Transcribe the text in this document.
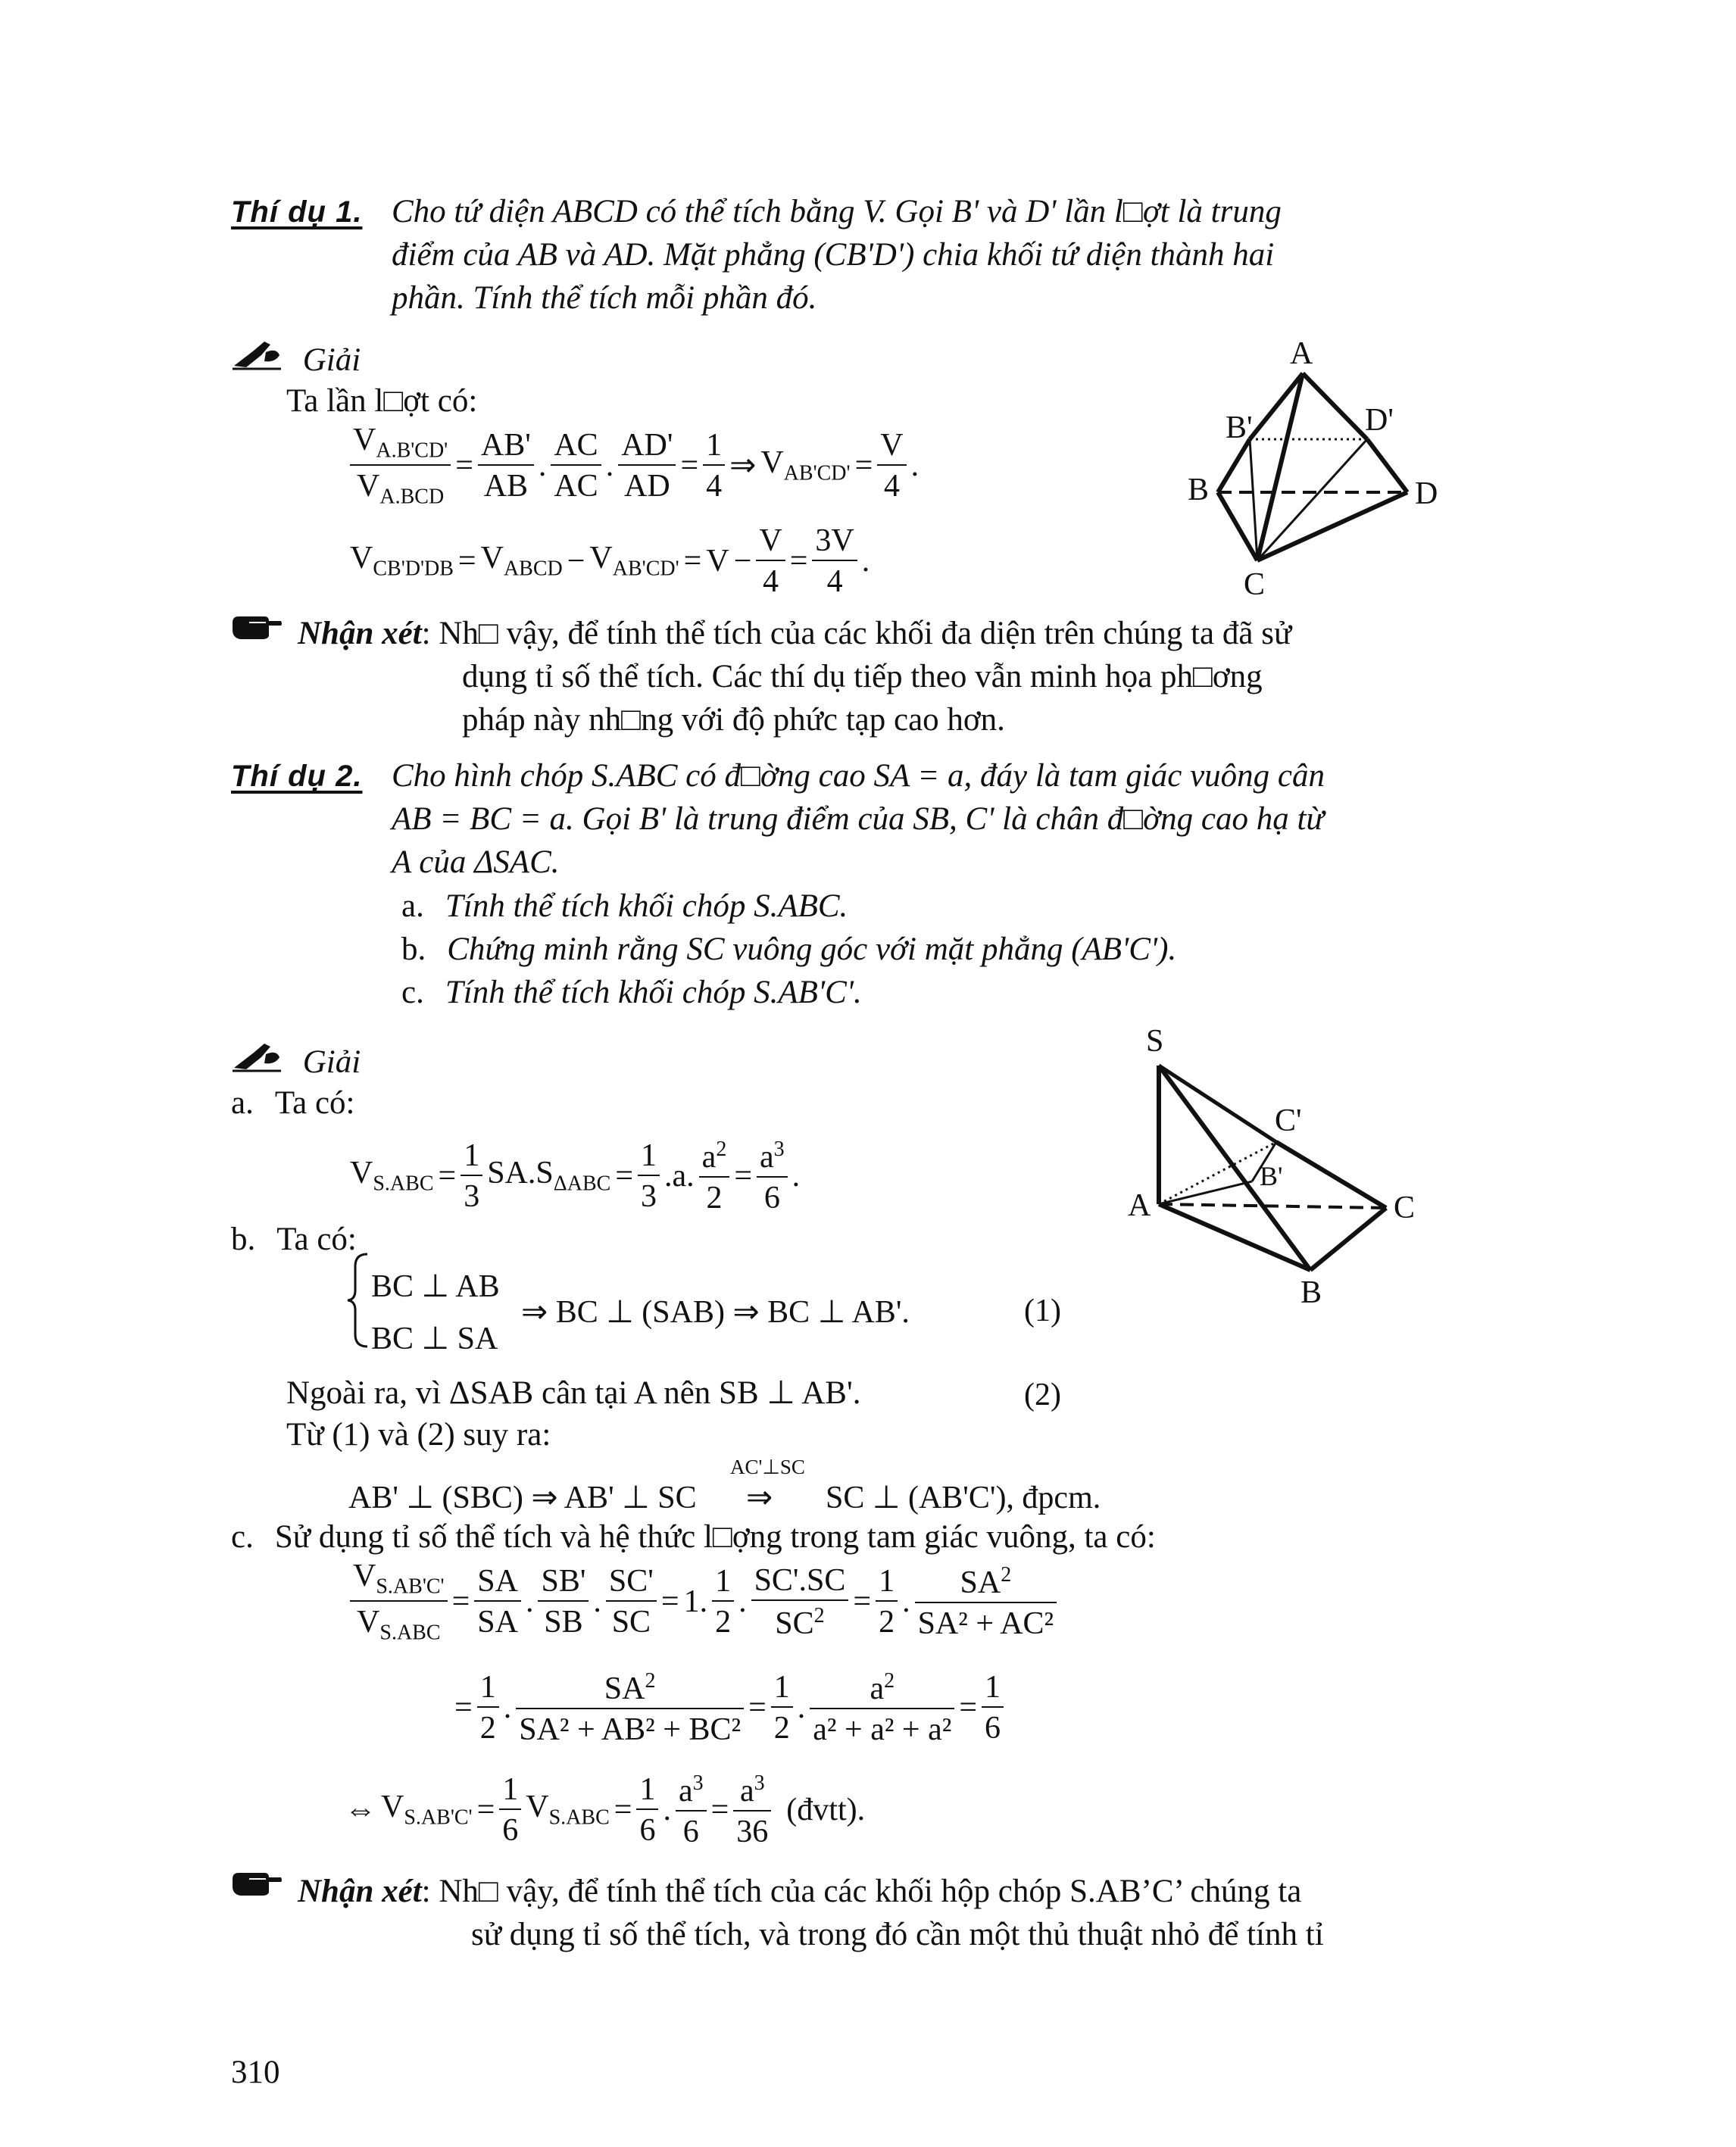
Thí dụ 1. Cho tứ diện ABCD có thể tích bằng V. Gọi B' và D' lần l□ợt là trung
điểm của AB và AD. Mặt phẳng (CB'D') chia khối tứ diện thành hai
phần. Tính thể tích mỗi phần đó.
Giải
Ta lần l□ợt có:
$\frac{V_{A.B'CD'}}{V_{A.BCD}} = \frac{AB'}{AB}$ . $\frac{AC}{AC}$ . $\frac{AD'}{AD} = \frac{1}{4}$ ⇒ $V_{AB'CD'} = \frac{V}{4}$ .
$V_{CB'D'DB} = V_{ABCD} - V_{AB'CD'} = V - \frac{V}{4} = \frac{3V}{4}$ .
A
B'	D'
B	D
C
Nhận xét: Nh□ vậy, để tính thể tích của các khối đa diện trên chúng ta đã sử
dụng tỉ số thể tích. Các thí dụ tiếp theo vẫn minh họa ph□ơng
pháp này nh□ng với độ phức tạp cao hơn.
Thí dụ 2. Cho hình chóp S.ABC có đ□ờng cao SA = a, đáy là tam giác vuông cân
AB = BC = a. Gọi B' là trung điểm của SB, C' là chân đ□ờng cao hạ từ
A của ΔSAC.
a. Tính thể tích khối chóp S.ABC.
b. Chứng minh rằng SC vuông góc với mặt phẳng (AB'C').
c. Tính thể tích khối chóp S.AB'C'.
Giải
a. Ta có:
$V_{S.ABC} = \frac{1}{3} SA.S_{\Delta ABC} = \frac{1}{3} .a$. $\frac{a^2}{2} = \frac{a^3}{6}$ .
b. Ta có:
BC ⊥ AB
BC ⊥ SA
⇒ BC ⊥ (SAB) ⇒ BC ⊥ AB'.	(1)
Ngoài ra, vì ΔSAB cân tại A nên SB ⊥ AB'.	(2)
Từ (1) và (2) suy ra:
AC'⊥SC
AB' ⊥ (SBC) ⇒ AB' ⊥ SC ⇒ SC ⊥ (AB'C'), đpcm.
c. Sử dụng tỉ số thể tích và hệ thức l□ợng trong tam giác vuông, ta có:
$\frac{V_{S.AB'C'}}{V_{S.ABC}} = \frac{SA}{SA}$ . $\frac{SB'}{SB}$ . $\frac{SC'}{SC} = 1$. $\frac{1}{2}$ . $\frac{SC'.SC}{SC^2} = \frac{1}{2}$ . $\frac{SA^2}{\text{SA² + AC²}}$
= $\frac{1}{2}$ . $\frac{SA^2}{\text{SA² + AB² + BC²}} = \frac{1}{2}$ . $\frac{a^2}{\text{a² + a² + a²}} = \frac{1}{6}$
⇔ $V_{S.AB'C'} = \frac{1}{6} V_{S.ABC} = \frac{1}{6}$ . $\frac{a^3}{6} = \frac{a^3}{36}$ (đvtt).
S
C'
B'
A	C
B
Nhận xét: Nh□ vậy, để tính thể tích của các khối hộp chóp S.AB’C’ chúng ta
sử dụng tỉ số thể tích, và trong đó cần một thủ thuật nhỏ để tính tỉ
310
